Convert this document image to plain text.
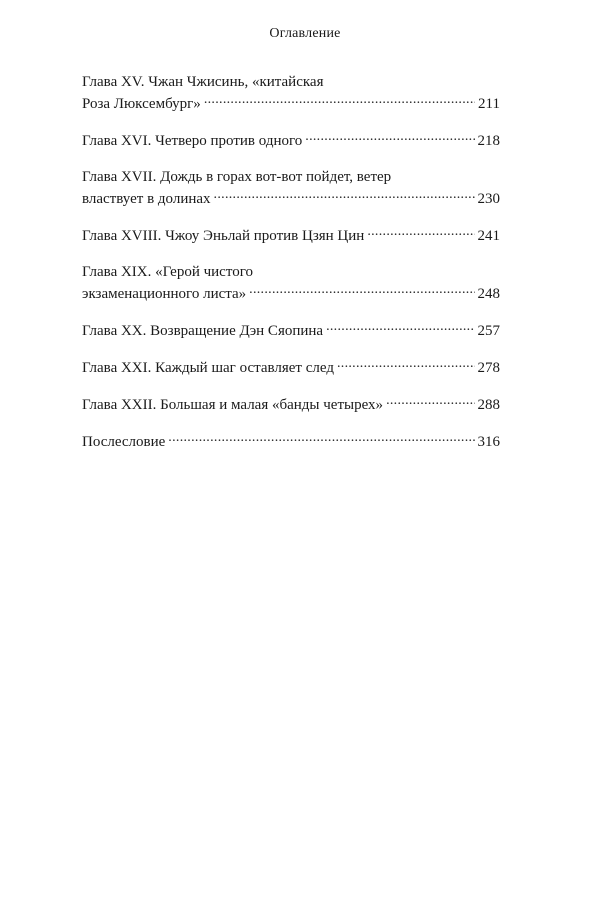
Оглавление
Глава XV. Чжан Чжисинь, «китайская
Роза Люксембург» . . .	211
Глава XVI. Четверо против одного . . .	218
Глава XVII. Дождь в горах вот-вот пойдет, ветер
властвует в долинах . . .	230
Глава XVIII. Чжоу Эньлай против Цзян Цин . . .	241
Глава XIX. «Герой чистого
экзаменационного листа» . . .	248
Глава XX. Возвращение Дэн Сяопина . . .	257
Глава XXI. Каждый шаг оставляет след . . .	278
Глава XXII. Большая и малая «банды четырех» . . .	288
Послесловие . . .	316
